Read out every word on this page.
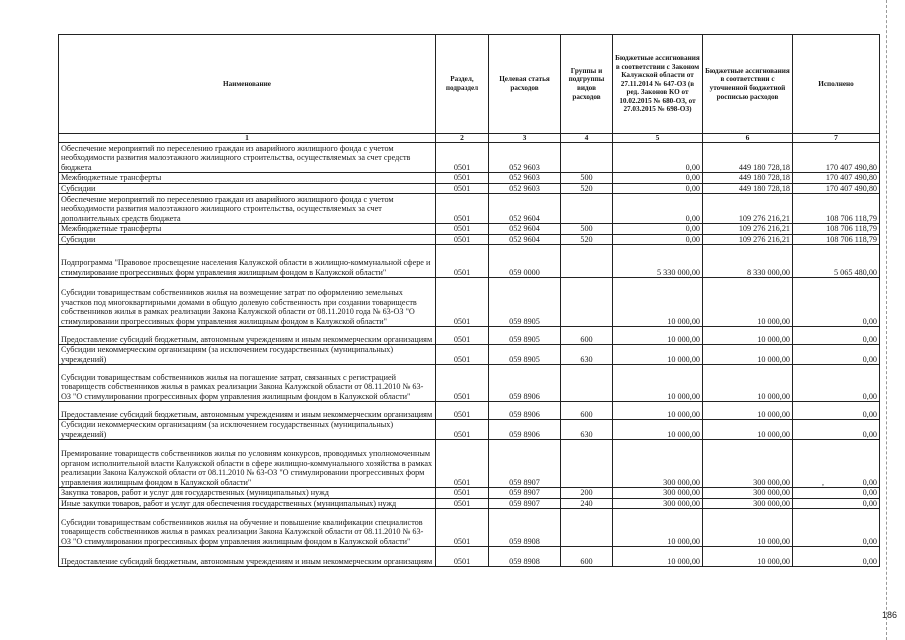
Наименование	Раздел, подраздел	Целевая статья расходов	Группы и подгруппы видов расходов	Бюджетные ассигнования в соответствии с Законом Калужской области от 27.11.2014 № 647-ОЗ (в ред. Законов КО от 10.02.2015 № 680-ОЗ, от 27.03.2015 № 698-ОЗ)	Бюджетные ассигнования в соответствии с уточненной бюджетной росписью расходов	Исполнено
1	2	3	4	5	6	7
Обеспечение мероприятий по переселению граждан из аварийного жилищного фонда с учетом необходимости развития малоэтажного жилищного строительства, осуществляемых за счет средств бюджета	0501	052 9603		0,00	449 180 728,18	170 407 490,80
Межбюджетные трансферты	0501	052 9603	500	0,00	449 180 728,18	170 407 490,80
Субсидии	0501	052 9603	520	0,00	449 180 728,18	170 407 490,80
Обеспечение мероприятий по переселению граждан из аварийного жилищного фонда с учетом необходимости развития малоэтажного жилищного строительства, осуществляемых за счет дополнительных средств бюджета	0501	052 9604		0,00	109 276 216,21	108 706 118,79
Межбюджетные трансферты	0501	052 9604	500	0,00	109 276 216,21	108 706 118,79
Субсидии	0501	052 9604	520	0,00	109 276 216,21	108 706 118,79
Подпрограмма "Правовое просвещение населения Калужской области в жилищно-коммунальной сфере и стимулирование прогрессивных форм управления жилищным фондом в Калужской области"	0501	059 0000		5 330 000,00	8 330 000,00	5 065 480,00
Субсидии товариществам собственников жилья на возмещение затрат по оформлению земельных участков под многоквартирными домами в общую долевую собственность при создании товариществ собственников жилья в рамках реализации Закона Калужской области от 08.11.2010 года № 63-ОЗ "О стимулировании прогрессивных форм управления жилищным фондом в Калужской области"	0501	059 8905		10 000,00	10 000,00	0,00
Предоставление субсидий бюджетным, автономным учреждениям и иным некоммерческим организациям	0501	059 8905	600	10 000,00	10 000,00	0,00
Субсидии некоммерческим организациям (за исключением государственных (муниципальных) учреждений)	0501	059 8905	630	10 000,00	10 000,00	0,00
Субсидии товариществам собственников жилья на погашение затрат, связанных с регистрацией товариществ собственников жилья в рамках реализации Закона Калужской области от 08.11.2010 № 63-ОЗ "О стимулировании прогрессивных форм управления жилищным фондом в Калужской области"	0501	059 8906		10 000,00	10 000,00	0,00
Предоставление субсидий бюджетным, автономным учреждениям и иным некоммерческим организациям	0501	059 8906	600	10 000,00	10 000,00	0,00
Субсидии некоммерческим организациям (за исключением государственных (муниципальных) учреждений)	0501	059 8906	630	10 000,00	10 000,00	0,00
Премирование товариществ собственников жилья по условиям конкурсов, проводимых уполномоченным органом исполнительной власти Калужской области в сфере жилищно-коммунального хозяйства в рамках реализации Закона Калужской области от 08.11.2010 № 63-ОЗ "О стимулировании прогрессивных форм управления жилищным фондом в Калужской области"	0501	059 8907		300 000,00	300 000,00	0,00
Закупка товаров, работ и услуг для государственных (муниципальных) нужд	0501	059 8907	200	300 000,00	300 000,00	0,00
Иные закупки товаров, работ и услуг для обеспечения государственных (муниципальных) нужд	0501	059 8907	240	300 000,00	300 000,00	0,00
Субсидии товариществам собственников жилья на обучение и повышение квалификации специалистов товариществ собственников жилья в рамках реализации Закона Калужской области от 08.11.2010 № 63-ОЗ "О стимулировании прогрессивных форм управления жилищным фондом в Калужской области"	0501	059 8908		10 000,00	10 000,00	0,00
Предоставление субсидий бюджетным, автономным учреждениям и иным некоммерческим организациям	0501	059 8908	600	10 000,00	10 000,00	0,00
,
186
